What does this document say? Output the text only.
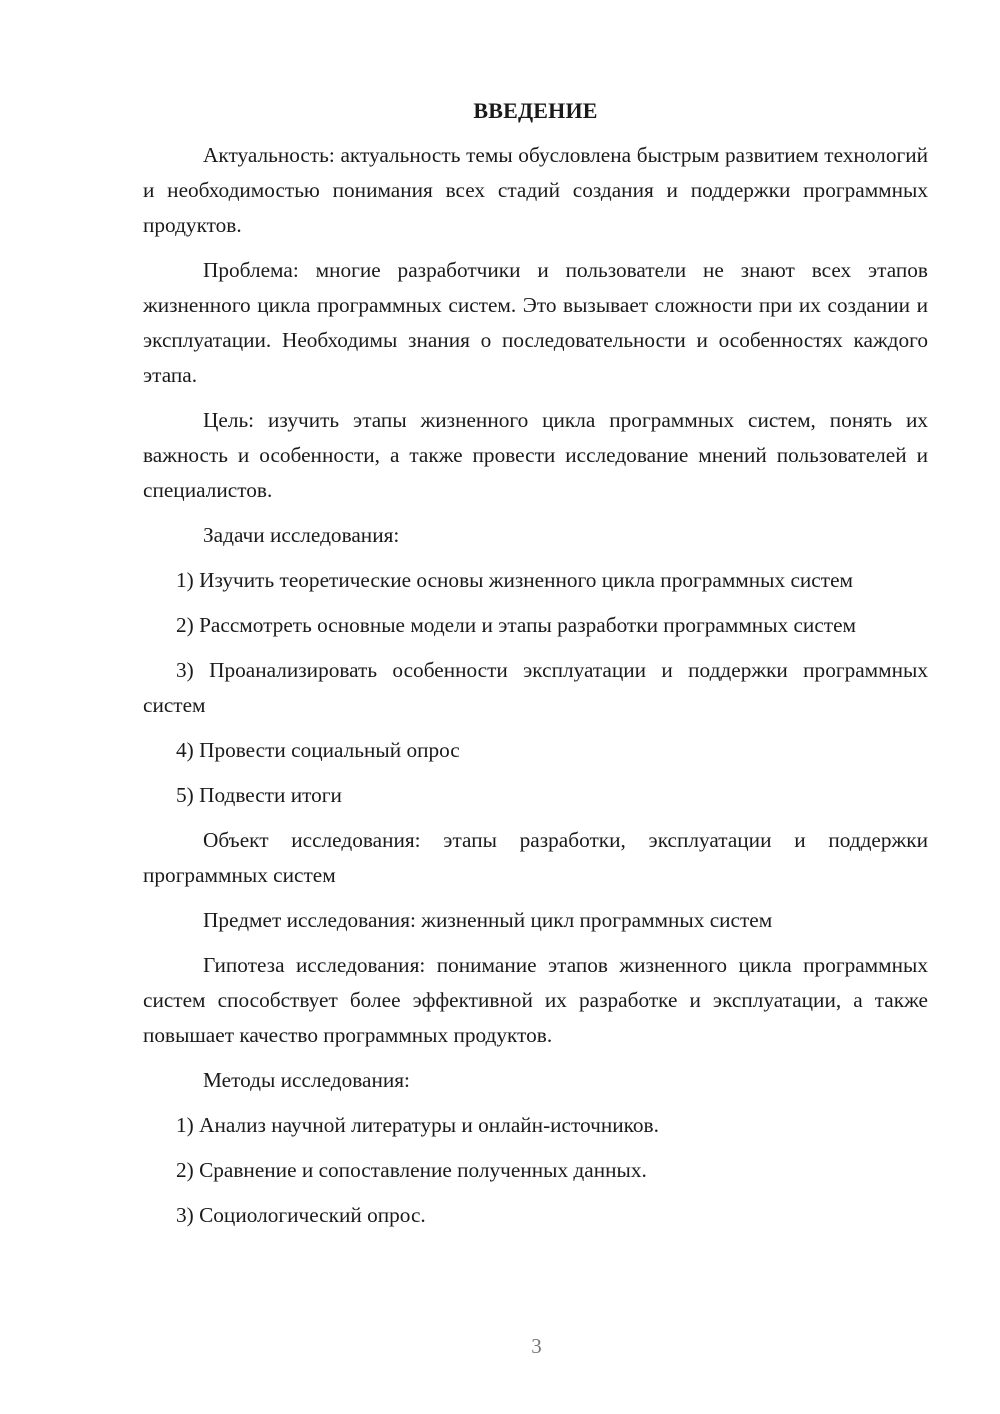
ВВЕДЕНИЕ

Актуальность: актуальность темы обусловлена быстрым развитием технологий и необходимостью понимания всех стадий создания и поддержки программных продуктов.

Проблема: многие разработчики и пользователи не знают всех этапов жизненного цикла программных систем. Это вызывает сложности при их создании и эксплуатации. Необходимы знания о последовательности и особенностях каждого этапа.

Цель: изучить этапы жизненного цикла программных систем, понять их важность и особенности, а также провести исследование мнений пользователей и специалистов.

Задачи исследования:

1) Изучить теоретические основы жизненного цикла программных систем

2) Рассмотреть основные модели и этапы разработки программных систем

3) Проанализировать особенности эксплуатации и поддержки программных систем

4) Провести социальный опрос

5) Подвести итоги

Объект исследования: этапы разработки, эксплуатации и поддержки программных систем

Предмет исследования: жизненный цикл программных систем

Гипотеза исследования: понимание этапов жизненного цикла программных систем способствует более эффективной их разработке и эксплуатации, а также повышает качество программных продуктов.

Методы исследования:

1) Анализ научной литературы и онлайн-источников.

2) Сравнение и сопоставление полученных данных.

3) Социологический опрос.

3
